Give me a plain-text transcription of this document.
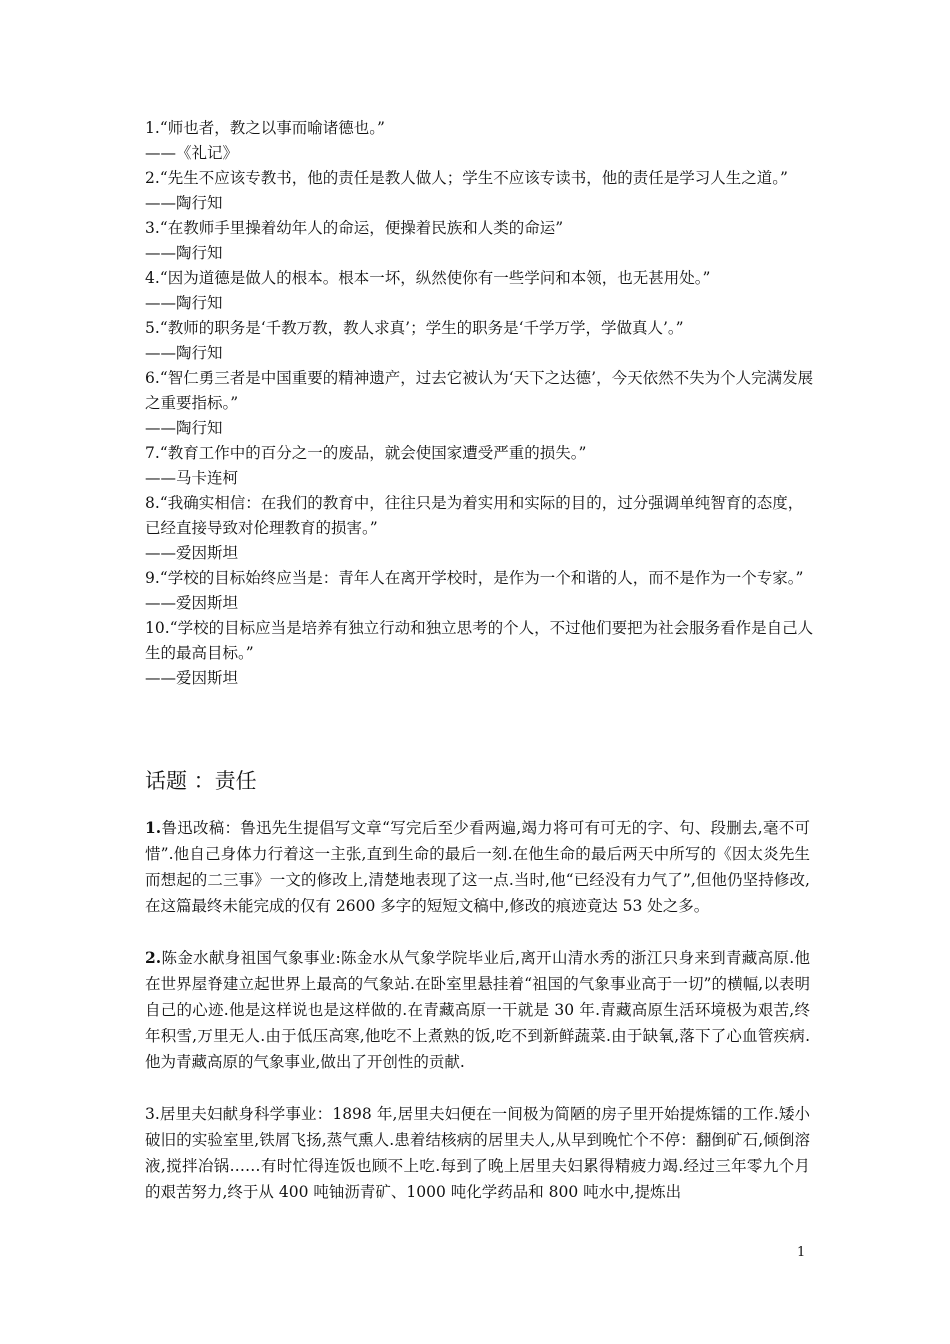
1.“师也者，教之以事而喻诸德也。”

——《礼记》

2.“先生不应该专教书，他的责任是教人做人；学生不应该专读书，他的责任是学习人生之道。”

——陶行知

3.“在教师手里操着幼年人的命运，便操着民族和人类的命运”

——陶行知

4.“因为道德是做人的根本。根本一坏，纵然使你有一些学问和本领，也无甚用处。”

——陶行知

5.“教师的职务是‘千教万教，教人求真’；学生的职务是‘千学万学，学做真人’。”

——陶行知

6.“智仁勇三者是中国重要的精神遗产，过去它被认为‘天下之达德’，今天依然不失为个人完满发展之重要指标。”

——陶行知

7.“教育工作中的百分之一的废品，就会使国家遭受严重的损失。”

——马卡连柯

8.“我确实相信：在我们的教育中，往往只是为着实用和实际的目的，过分强调单纯智育的态度，已经直接导致对伦理教育的损害。”

——爱因斯坦

9.“学校的目标始终应当是：青年人在离开学校时，是作为一个和谐的人，而不是作为一个专家。”

——爱因斯坦

10.“学校的目标应当是培养有独立行动和独立思考的个人，不过他们要把为社会服务看作是自己人生的最高目标。”

——爱因斯坦

话题 ：责任

1.鲁迅改稿：鲁迅先生提倡写文章“写完后至少看两遍,竭力将可有可无的字、句、段删去,毫不可惜”.他自己身体力行着这一主张,直到生命的最后一刻.在他生命的最后两天中所写的《因太炎先生而想起的二三事》一文的修改上,清楚地表现了这一点.当时,他“已经没有力气了”,但他仍坚持修改,在这篇最终未能完成的仅有 2600 多字的短短文稿中,修改的痕迹竟达 53 处之多。

2.陈金水献身祖国气象事业:陈金水从气象学院毕业后,离开山清水秀的浙江只身来到青藏高原.他在世界屋脊建立起世界上最高的气象站.在卧室里悬挂着“祖国的气象事业高于一切”的横幅,以表明自己的心迹.他是这样说也是这样做的.在青藏高原一干就是 30 年.青藏高原生活环境极为艰苦,终年积雪,万里无人.由于低压高寒,他吃不上煮熟的饭,吃不到新鲜蔬菜.由于缺氧,落下了心血管疾病.他为青藏高原的气象事业,做出了开创性的贡献.

3.居里夫妇献身科学事业：1898 年,居里夫妇便在一间极为简陋的房子里开始提炼镭的工作.矮小破旧的实验室里,铁屑飞扬,蒸气熏人.患着结核病的居里夫人,从早到晚忙个不停：翻倒矿石,倾倒溶液,搅拌冶锅……有时忙得连饭也顾不上吃.每到了晚上居里夫妇累得精疲力竭.经过三年零九个月的艰苦努力,终于从 400 吨铀沥青矿、1000 吨化学药品和 800 吨水中,提炼出

1
